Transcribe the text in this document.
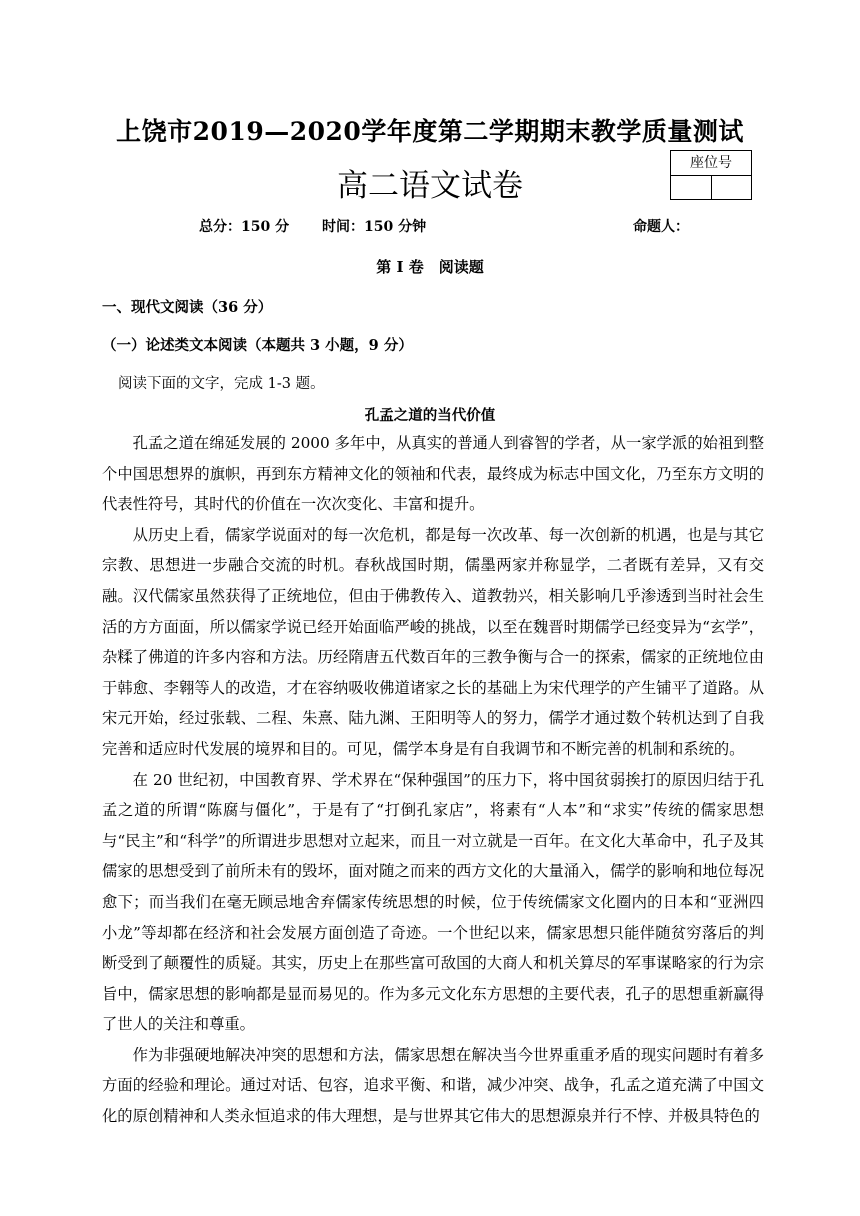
上饶市2019—2020学年度第二学期期末教学质量测试
高二语文试卷
座位号
总分：150 分 时间：150 分钟	命题人：
第 I 卷　阅读题
一、现代文阅读（36 分）
（一）论述类文本阅读（本题共 3 小题，9 分）
阅读下面的文字，完成 1-3 题。
孔孟之道的当代价值

孔孟之道在绵延发展的 2000 多年中，从真实的普通人到睿智的学者，从一家学派的始祖到整个中国思想界的旗帜，再到东方精神文化的领袖和代表，最终成为标志中国文化，乃至东方文明的代表性符号，其时代的价值在一次次变化、丰富和提升。

从历史上看，儒家学说面对的每一次危机，都是每一次改革、每一次创新的机遇，也是与其它宗教、思想进一步融合交流的时机。春秋战国时期，儒墨两家并称显学，二者既有差异，又有交融。汉代儒家虽然获得了正统地位，但由于佛教传入、道教勃兴，相关影响几乎渗透到当时社会生活的方方面面，所以儒家学说已经开始面临严峻的挑战，以至在魏晋时期儒学已经变异为“玄学”，杂糅了佛道的许多内容和方法。历经隋唐五代数百年的三教争衡与合一的探索，儒家的正统地位由于韩愈、李翱等人的改造，才在容纳吸收佛道诸家之长的基础上为宋代理学的产生铺平了道路。从宋元开始，经过张载、二程、朱熹、陆九渊、王阳明等人的努力，儒学才通过数个转机达到了自我完善和适应时代发展的境界和目的。可见，儒学本身是有自我调节和不断完善的机制和系统的。

在 20 世纪初，中国教育界、学术界在“保种强国”的压力下，将中国贫弱挨打的原因归结于孔孟之道的所谓“陈腐与僵化”，于是有了“打倒孔家店”，将素有“人本”和“求实”传统的儒家思想与“民主”和“科学”的所谓进步思想对立起来，而且一对立就是一百年。在文化大革命中，孔子及其儒家的思想受到了前所未有的毁坏，面对随之而来的西方文化的大量涌入，儒学的影响和地位每况愈下；而当我们在毫无顾忌地舍弃儒家传统思想的时候，位于传统儒家文化圈内的日本和“亚洲四小龙”等却都在经济和社会发展方面创造了奇迹。一个世纪以来，儒家思想只能伴随贫穷落后的判断受到了颠覆性的质疑。其实，历史上在那些富可敌国的大商人和机关算尽的军事谋略家的行为宗旨中，儒家思想的影响都是显而易见的。作为多元文化东方思想的主要代表，孔子的思想重新赢得了世人的关注和尊重。

作为非强硬地解决冲突的思想和方法，儒家思想在解决当今世界重重矛盾的现实问题时有着多方面的经验和理论。通过对话、包容，追求平衡、和谐，减少冲突、战争，孔孟之道充满了中国文化的原创精神和人类永恒追求的伟大理想，是与世界其它伟大的思想源泉并行不悖、并极具特色的
